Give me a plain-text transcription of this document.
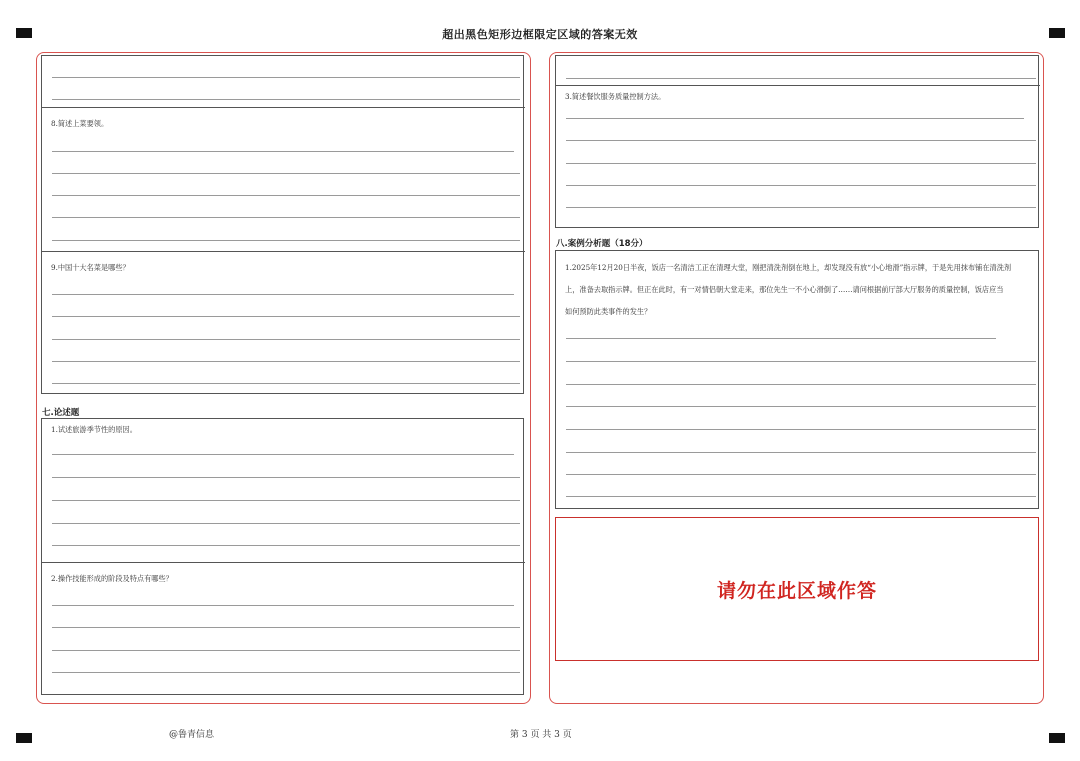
超出黑色矩形边框限定区域的答案无效
8.简述上菜要领。
9.中国十大名菜是哪些？
七.论述题
1.试述旅游季节性的原因。
2.操作技能形成的阶段及特点有哪些？
3.简述餐饮服务质量控制方法。
八.案例分析题（18分）
1.2025年12月20日半夜，饭店一名清洁工正在清理大堂，刚把清洗剂倒在地上，却发现没有放“小心地滑”指示牌，于是先用抹布铺在清洗剂
上，准备去取指示牌。但正在此时，有一对情侣朝大堂走来，那位先生一不小心滑倒了……请问根据前厅部大厅服务的质量控制，饭店应当
如何预防此类事件的发生？
请勿在此区域作答
@鲁青信息	第 3 页 共 3 页
